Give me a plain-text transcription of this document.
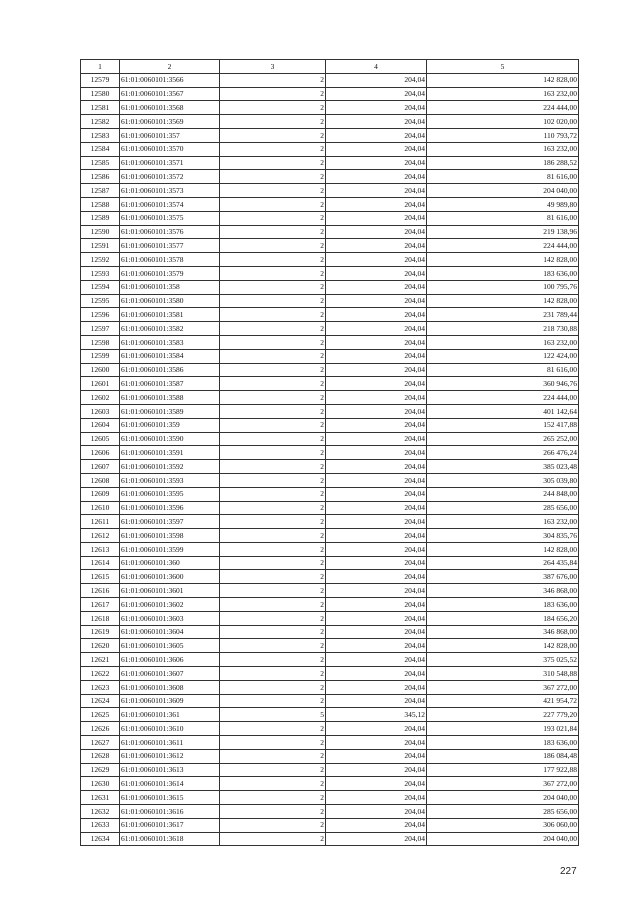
1	2	3	4	5
12579	61:01:0060101:3566	2	204,04	142 828,00
12580	61:01:0060101:3567	2	204,04	163 232,00
12581	61:01:0060101:3568	2	204,04	224 444,00
12582	61:01:0060101:3569	2	204,04	102 020,00
12583	61:01:0060101:357	2	204,04	110 793,72
12584	61:01:0060101:3570	2	204,04	163 232,00
12585	61:01:0060101:3571	2	204,04	186 288,52
12586	61:01:0060101:3572	2	204,04	81 616,00
12587	61:01:0060101:3573	2	204,04	204 040,00
12588	61:01:0060101:3574	2	204,04	49 989,80
12589	61:01:0060101:3575	2	204,04	81 616,00
12590	61:01:0060101:3576	2	204,04	219 138,96
12591	61:01:0060101:3577	2	204,04	224 444,00
12592	61:01:0060101:3578	2	204,04	142 828,00
12593	61:01:0060101:3579	2	204,04	183 636,00
12594	61:01:0060101:358	2	204,04	100 795,76
12595	61:01:0060101:3580	2	204,04	142 828,00
12596	61:01:0060101:3581	2	204,04	231 789,44
12597	61:01:0060101:3582	2	204,04	218 730,88
12598	61:01:0060101:3583	2	204,04	163 232,00
12599	61:01:0060101:3584	2	204,04	122 424,00
12600	61:01:0060101:3586	2	204,04	81 616,00
12601	61:01:0060101:3587	2	204,04	360 946,76
12602	61:01:0060101:3588	2	204,04	224 444,00
12603	61:01:0060101:3589	2	204,04	401 142,64
12604	61:01:0060101:359	2	204,04	152 417,88
12605	61:01:0060101:3590	2	204,04	265 252,00
12606	61:01:0060101:3591	2	204,04	266 476,24
12607	61:01:0060101:3592	2	204,04	385 023,48
12608	61:01:0060101:3593	2	204,04	305 039,80
12609	61:01:0060101:3595	2	204,04	244 848,00
12610	61:01:0060101:3596	2	204,04	285 656,00
12611	61:01:0060101:3597	2	204,04	163 232,00
12612	61:01:0060101:3598	2	204,04	304 835,76
12613	61:01:0060101:3599	2	204,04	142 828,00
12614	61:01:0060101:360	2	204,04	264 435,84
12615	61:01:0060101:3600	2	204,04	387 676,00
12616	61:01:0060101:3601	2	204,04	346 868,00
12617	61:01:0060101:3602	2	204,04	183 636,00
12618	61:01:0060101:3603	2	204,04	184 656,20
12619	61:01:0060101:3604	2	204,04	346 868,00
12620	61:01:0060101:3605	2	204,04	142 828,00
12621	61:01:0060101:3606	2	204,04	375 025,52
12622	61:01:0060101:3607	2	204,04	310 548,88
12623	61:01:0060101:3608	2	204,04	367 272,00
12624	61:01:0060101:3609	2	204,04	421 954,72
12625	61:01:0060101:361	5	345,12	227 779,20
12626	61:01:0060101:3610	2	204,04	193 021,84
12627	61:01:0060101:3611	2	204,04	183 636,00
12628	61:01:0060101:3612	2	204,04	186 084,48
12629	61:01:0060101:3613	2	204,04	177 922,88
12630	61:01:0060101:3614	2	204,04	367 272,00
12631	61:01:0060101:3615	2	204,04	204 040,00
12632	61:01:0060101:3616	2	204,04	285 656,00
12633	61:01:0060101:3617	2	204,04	306 060,00
12634	61:01:0060101:3618	2	204,04	204 040,00
227
